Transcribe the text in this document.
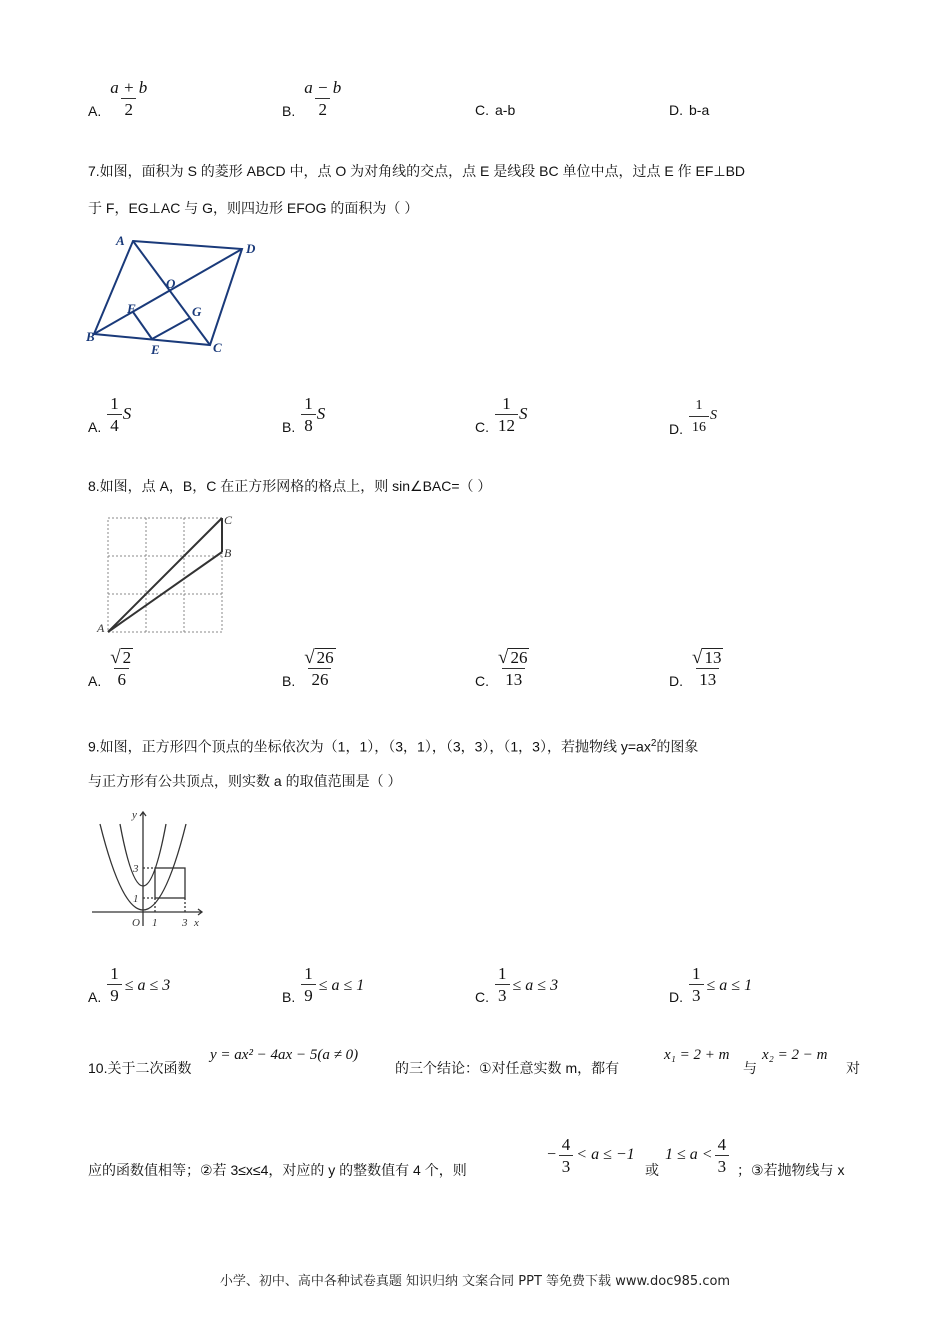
A. $\frac{a + b}{2}$	B. $\frac{a - b}{2}$	C. a-b	D. b-a
7.如图，面积为 S 的菱形 ABCD 中，点 O 为对角线的交点，点 E 是线段 BC 单位中点，过点 E 作 EF⊥BD
于 F，EG⊥AC 与 G，则四边形 EFOG 的面积为（ ）
A
D
O
F	G
B
E	C
A. $\frac{1}{4}$ S
B. $\frac{1}{8}$ S
C. $\frac{1}{12}$ S
D. $\frac{1}{16}$ S
8.如图，点 A，B，C 在正方形网格的格点上，则 sin∠BAC=（ ）
C
B
A
A. $\frac{√ 2}{6}$	B. $\frac{√ 26}{26}$	C. $\frac{√ 26}{13}$	D. $\frac{√ 13}{13}$
9.如图，正方形四个顶点的坐标依次为（1，1），（3，1），（3，3），（1，3），若抛物线 $y=ax^2$的图象
与正方形有公共顶点，则实数 a 的取值范围是（ ）
y
3
1
O 1 3 x
A. $\frac{1}{9} \le a \le 3$
B. $\frac{1}{9} \le a \le 1$
C. $\frac{1}{3} \le a \le 3$
D. $\frac{1}{3} \le a \le 1$
10.关于二次函数
y = ax² − 4ax − 5(a ≠ 0)
的三个结论：①对任意实数 m，都有
x₁ = 2 + m
与
x₂ = 2 − m
对
应的函数值相等；②若 3≤x≤4，对应的 y 的整数值有 4 个，则
− $\frac{4}{3} < a \le -1$
或
$1 \le a < \frac{4}{3}$ ；③若抛物线与 x
小学、初中、高中各种试卷真题 知识归纳 文案合同 PPT 等免费下载 www.doc985.com
